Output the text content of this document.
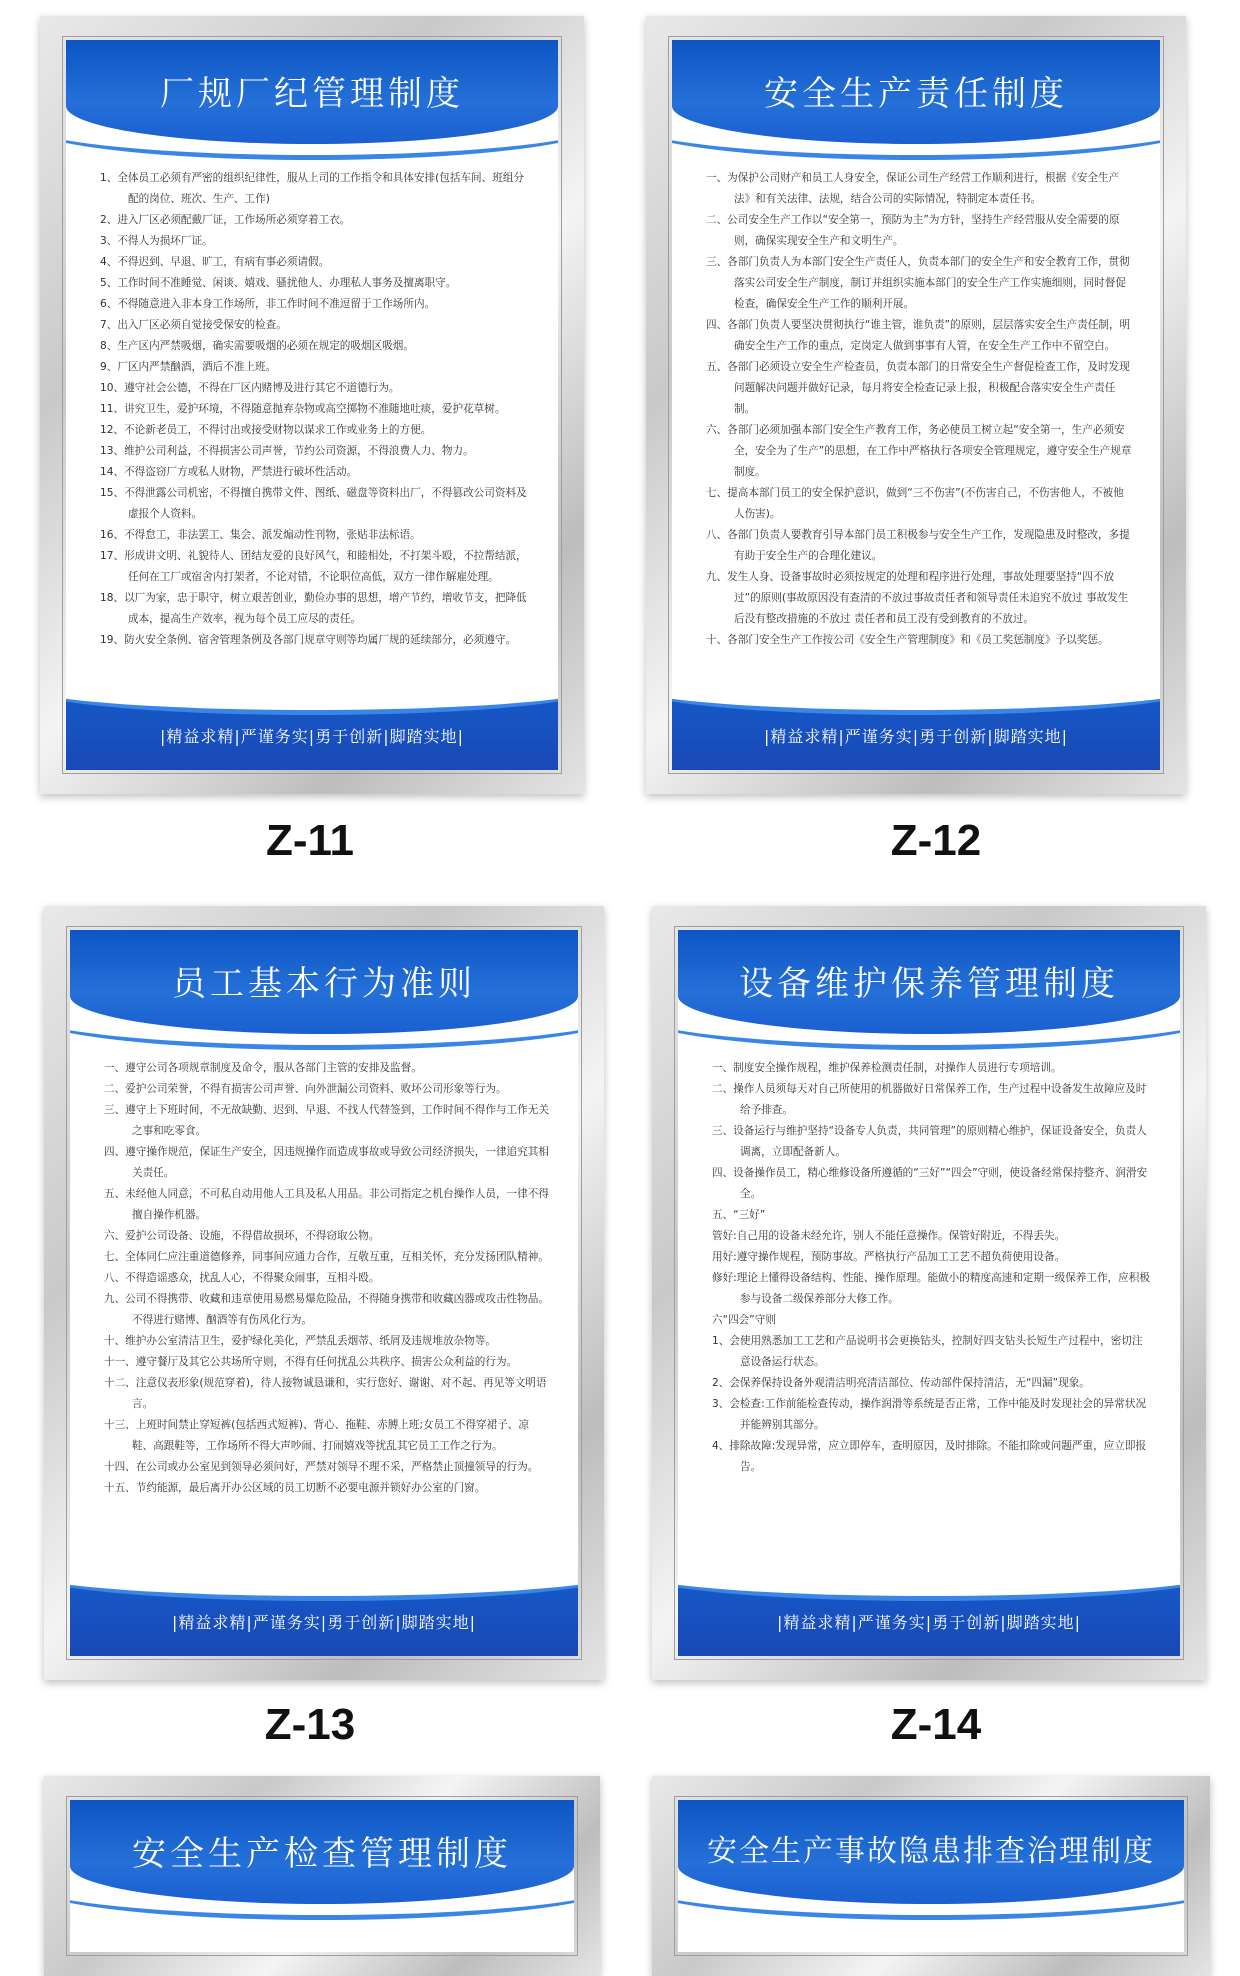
厂规厂纪管理制度
1、全体员工必须有严密的组织纪律性，服从上司的工作指令和具体安排(包括车间、班组分配的岗位、班次、生产、工作)
2、进入厂区必须配戴厂证，工作场所必须穿着工衣。
3、不得人为损坏厂证。
4、不得迟到、早退、旷工，有病有事必须请假。
5、工作时间不准睡觉、闲谈、嬉戏、骚扰他人、办理私人事务及擅离职守。
6、不得随意进入非本身工作场所，非工作时间不准逗留于工作场所内。
7、出入厂区必须自觉接受保安的检查。
8、生产区内严禁吸烟，确实需要吸烟的必须在规定的吸烟区吸烟。
9、厂区内严禁酗酒，酒后不准上班。
10、遵守社会公德，不得在厂区内赌博及进行其它不道德行为。
11、讲究卫生，爱护环境，不得随意抛弃杂物或高空掷物不准随地吐痰，爱护花草树。
12、不论新老员工，不得讨出或接受财物以谋求工作或业务上的方便。
13、维护公司利益，不得损害公司声誉，节约公司资源，不得浪费人力、物力。
14、不得盗窃厂方或私人财物，严禁进行破坏性活动。
15、不得泄露公司机密，不得擅自携带文件、图纸、磁盘等资料出厂，不得篡改公司资料及虚报个人资料。
16、不得怠工，非法罢工、集会、派发煽动性刊物，张贴非法标语。
17、形成讲文明、礼貌待人、团结友爱的良好风气，和睦相处，不打架斗殴，不拉帮结派，任何在工厂或宿舍内打架者，不论对错，不论职位高低，双方一律作解雇处理。
18、以厂为家，忠于职守，树立艰苦创业，勤俭办事的思想，增产节约，增收节支，把降低成本，提高生产效率，视为每个员工应尽的责任。
19、防火安全条例、宿舍管理条例及各部门规章守则等均属厂规的延续部分，必须遵守。
|精益求精|严谨务实|勇于创新|脚踏实地|
Z-11
安全生产责任制度
一、为保护公司财产和员工人身安全，保证公司生产经营工作顺利进行，根据《安全生产法》和有关法律、法规，结合公司的实际情况，特制定本责任书。
二、公司安全生产工作以“安全第一，预防为主”为方针，坚持生产经营服从安全需要的原则，确保实现安全生产和文明生产。
三、各部门负责人为本部门安全生产责任人，负责本部门的安全生产和安全教育工作，贯彻落实公司安全生产制度，制订并组织实施本部门的安全生产工作实施细则，同时督促检查，确保安全生产工作的顺利开展。
四、各部门负责人要坚决贯彻执行“谁主管，谁负责”的原则，层层落实安全生产责任制，明确安全生产工作的重点，定岗定人做到事事有人管，在安全生产工作中不留空白。
五、各部门必须设立安全生产检查员，负责本部门的日常安全生产督促检查工作，及时发现问题解决问题并做好记录，每月将安全检查记录上报，积极配合落实安全生产责任制。
六、各部门必须加强本部门安全生产教育工作，务必使员工树立起“安全第一，生产必须安全，安全为了生产”的思想，在工作中严格执行各项安全管理规定，遵守安全生产规章制度。
七、提高本部门员工的安全保护意识，做到“三不伤害”(不伤害自己，不伤害他人，不被他人伤害)。
八、各部门负责人要教育引导本部门员工积极参与安全生产工作，发现隐患及时整改，多提有助于安全生产的合理化建议。
九、发生人身、设备事故时必须按规定的处理和程序进行处理，事故处理要坚持“四不放过”的原则(事故原因没有查清的不放过事故责任者和领导责任未追究不放过 事故发生后没有整改措施的不放过 责任者和员工没有受到教育的不放过。
十、各部门安全生产工作按公司《安全生产管理制度》和《员工奖惩制度》予以奖惩。
|精益求精|严谨务实|勇于创新|脚踏实地|
Z-12
员工基本行为准则
一、遵守公司各项规章制度及命令，服从各部门主管的安排及监督。
二、爱护公司荣誉，不得有损害公司声誉、向外泄漏公司资料、败坏公司形象等行为。
三、遵守上下班时间，不无故缺勤、迟到、早退、不找人代替签到，工作时间不得作与工作无关之事和吃零食。
四、遵守操作规范，保证生产安全，因违规操作而造成事故或导致公司经济损失，一律追究其相关责任。
五、未经他人同意，不可私自动用他人工具及私人用品。非公司指定之机台操作人员，一律不得擅自操作机器。
六、爱护公司设备、设施，不得借故损坏，不得窃取公物。
七、全体同仁应注重道德修养，同事间应通力合作，互敬互重，互相关怀，充分发扬团队精神。
八、不得造谣惑众，扰乱人心，不得聚众闹事，互相斗殴。
九、公司不得携带、收藏和违章使用易燃易爆危险品，不得随身携带和收藏凶器或攻击性物品。不得进行赌博、酗酒等有伤风化行为。
十、维护办公室清洁卫生，爱护绿化美化，严禁乱丢烟蒂、纸屑及违规堆放杂物等。
十一、遵守餐厅及其它公共场所守则，不得有任何扰乱公共秩序、损害公众利益的行为。
十二、注意仪表形象(规范穿着)，待人接物诚恳谦和，实行您好、谢谢、对不起、再见等文明语言。
十三、上班时间禁止穿短裤(包括西式短裤)、背心、拖鞋、赤膊上班;女员工不得穿裙子、凉鞋、高跟鞋等，工作场所不得大声吵闹、打闹嬉戏等扰乱其它员工工作之行为。
十四、在公司或办公室见到领导必须问好，严禁对领导不理不采，严格禁止顶撞领导的行为。
十五、节约能源，最后离开办公区域的员工切断不必要电源并锁好办公室的门窗。
|精益求精|严谨务实|勇于创新|脚踏实地|
Z-13
设备维护保养管理制度
一、制度安全操作规程，维护保养检测责任制，对操作人员进行专项培训。
二、操作人员须每天对自己所使用的机器做好日常保养工作，生产过程中设备发生故障应及时给予排查。
三、设备运行与维护坚持“设备专人负责，共同管理”的原则精心维护，保证设备安全，负责人调离，立即配备新人。
四、设备操作员工，精心维修设备所遵循的“三好”“四会”守则，使设备经常保持整齐、润滑安全。
五、“三好”
管好:自己用的设备未经允许，别人不能任意操作。保管好附近，不得丢失。
用好:遵守操作规程，预防事故。严格执行产品加工工艺不超负荷使用设备。
修好:理论上懂得设备结构、性能、操作原理。能做小的精度高速和定期一级保养工作，应积极参与设备二级保养部分大修工作。
六“四会”守则
1、会使用熟悉加工工艺和产品说明书会更换钻头，控制好四支钻头长短生产过程中，密切注意设备运行状态。
2、会保养保持设备外观清洁明亮清洁部位、传动部件保持清洁，无“四漏”现象。
3、会检查:工作前能检查传动，操作润滑等系统是否正常，工作中能及时发现社会的异常状况并能辨别其部分。
4、排除故障:发现异常，应立即停车，查明原因，及时排除。不能扣除或问题严重，应立即报告。
|精益求精|严谨务实|勇于创新|脚踏实地|
Z-14
安全生产检查管理制度	安全生产事故隐患排查治理制度
